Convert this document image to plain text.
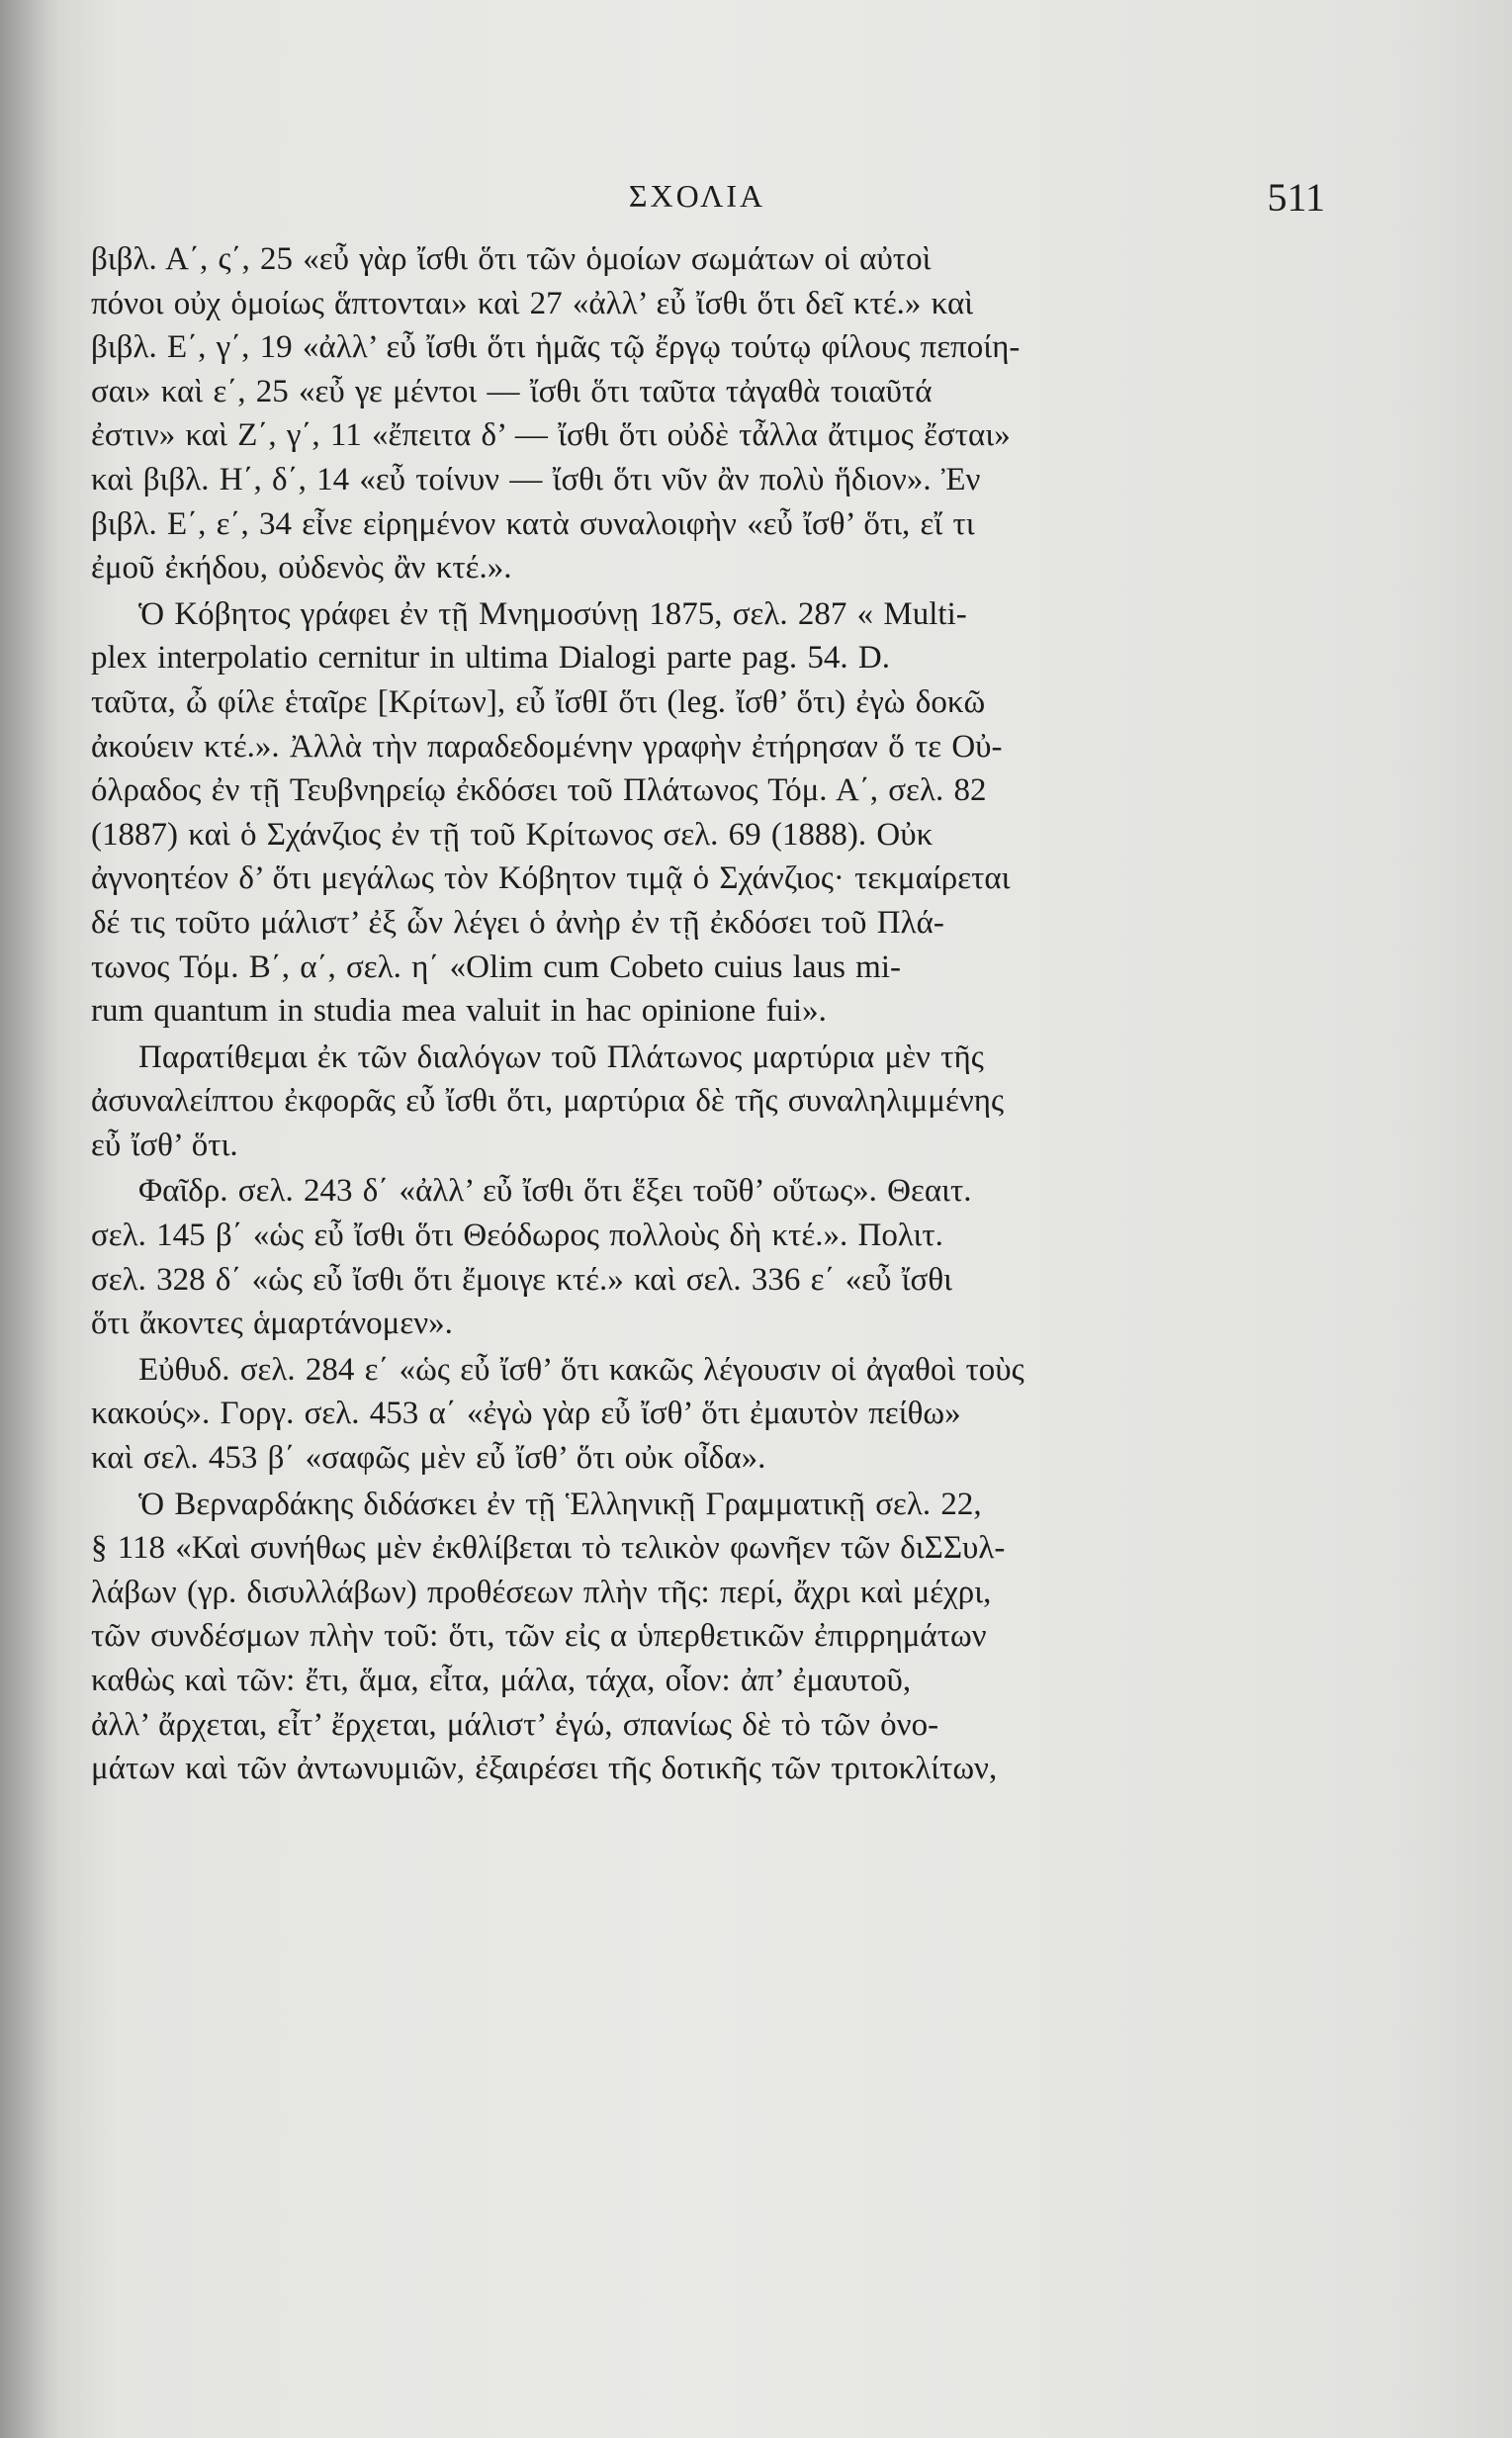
ΣΧΟΛΙΑ	511

βιβλ. Α΄, ς΄, 25 «εὖ γὰρ ἴσθι ὅτι τῶν ὁμοίων σωμάτων οἱ αὐτοὶ
πόνοι οὐχ ὁμοίως ἅπτονται» καὶ 27 «ἀλλ’ εὖ ἴσθι ὅτι δεῖ κτέ.» καὶ
βιβλ. Ε΄, γ΄, 19 «ἀλλ’ εὖ ἴσθι ὅτι ἡμᾶς τῷ ἔργῳ τούτῳ φίλους πεποίη-
σαι» καὶ ε΄, 25 «εὖ γε μέντοι — ἴσθι ὅτι ταῦτα τἀγαθὰ τοιαῦτά
ἐστιν» καὶ Ζ΄, γ΄, 11 «ἔπειτα δ’ — ἴσθι ὅτι οὐδὲ τἆλλα ἄτιμος ἔσται»
καὶ βιβλ. Η΄, δ΄, 14 «εὖ τοίνυν — ἴσθι ὅτι νῦν ἂν πολὺ ἥδιον». Ἐν
βιβλ. Ε΄, ε΄, 34 εἶνε εἰρημένον κατὰ συναλοιφὴν «εὖ ἴσθ’ ὅτι, εἴ τι
ἐμοῦ ἐκήδου, οὐδενὸς ἂν κτέ.».

Ὁ Κόβητος γράφει ἐν τῇ Μνημοσύνῃ 1875, σελ. 287 « Multi-
plex interpolatio cernitur in ultima Dialogi parte pag. 54. D.
ταῦτα, ὦ φίλε ἑταῖρε [Κρίτων], εὖ ἴσθΙ ὅτι (leg. ἴσθ’ ὅτι) ἐγὼ δοκῶ
ἀκούειν κτέ.». Ἀλλὰ τὴν παραδεδομένην γραφὴν ἐτήρησαν ὅ τε Οὐ-
όλραδος ἐν τῇ Τευβνηρείῳ ἐκδόσει τοῦ Πλάτωνος Τόμ. Α΄, σελ. 82
(1887) καὶ ὁ Σχάνζιος ἐν τῇ τοῦ Κρίτωνος σελ. 69 (1888). Οὐκ
ἀγνοητέον δ’ ὅτι μεγάλως τὸν Κόβητον τιμᾷ ὁ Σχάνζιος· τεκμαίρεται
δέ τις τοῦτο μάλιστ’ ἐξ ὧν λέγει ὁ ἀνὴρ ἐν τῇ ἐκδόσει τοῦ Πλά-
τωνος Τόμ. Β΄, α΄, σελ. η΄ «Olim cum Cobeto cuius laus mi-
rum quantum in studia mea valuit in hac opinione fui».

Παρατίθεμαι ἐκ τῶν διαλόγων τοῦ Πλάτωνος μαρτύρια μὲν τῆς
ἀσυναλείπτου ἐκφορᾶς εὖ ἴσθι ὅτι, μαρτύρια δὲ τῆς συναληλιμμένης
εὖ ἴσθ’ ὅτι.

Φαῖδρ. σελ. 243 δ΄ «ἀλλ’ εὖ ἴσθι ὅτι ἕξει τοῦθ’ οὕτως». Θεαιτ.
σελ. 145 β΄ «ὡς εὖ ἴσθι ὅτι Θεόδωρος πολλοὺς δὴ κτέ.». Πολιτ.
σελ. 328 δ΄ «ὡς εὖ ἴσθι ὅτι ἔμοιγε κτέ.» καὶ σελ. 336 ε΄ «εὖ ἴσθι
ὅτι ἄκοντες ἁμαρτάνομεν».

Εὐθυδ. σελ. 284 ε΄ «ὡς εὖ ἴσθ’ ὅτι κακῶς λέγουσιν οἱ ἀγαθοὶ τοὺς
κακούς». Γοργ. σελ. 453 α΄ «ἐγὼ γὰρ εὖ ἴσθ’ ὅτι ἐμαυτὸν πείθω»
καὶ σελ. 453 β΄ «σαφῶς μὲν εὖ ἴσθ’ ὅτι οὐκ οἶδα».

Ὁ Βερναρδάκης διδάσκει ἐν τῇ Ἑλληνικῇ Γραμματικῇ σελ. 22,
§ 118 «Καὶ συνήθως μὲν ἐκθλίβεται τὸ τελικὸν φωνῆεν τῶν διΣΣυλ-
λάβων (γρ. δισυλλάβων) προθέσεων πλὴν τῆς: περί, ἄχρι καὶ μέχρι,
τῶν συνδέσμων πλὴν τοῦ: ὅτι, τῶν εἰς α ὑπερθετικῶν ἐπιρρημάτων
καθὼς καὶ τῶν: ἔτι, ἅμα, εἶτα, μάλα, τάχα, οἷον: ἀπ’ ἐμαυτοῦ,
ἀλλ’ ἄρχεται, εἶτ’ ἔρχεται, μάλιστ’ ἐγώ, σπανίως δὲ τὸ τῶν ὀνο-
μάτων καὶ τῶν ἀντωνυμιῶν, ἐξαιρέσει τῆς δοτικῆς τῶν τριτοκλίτων,
